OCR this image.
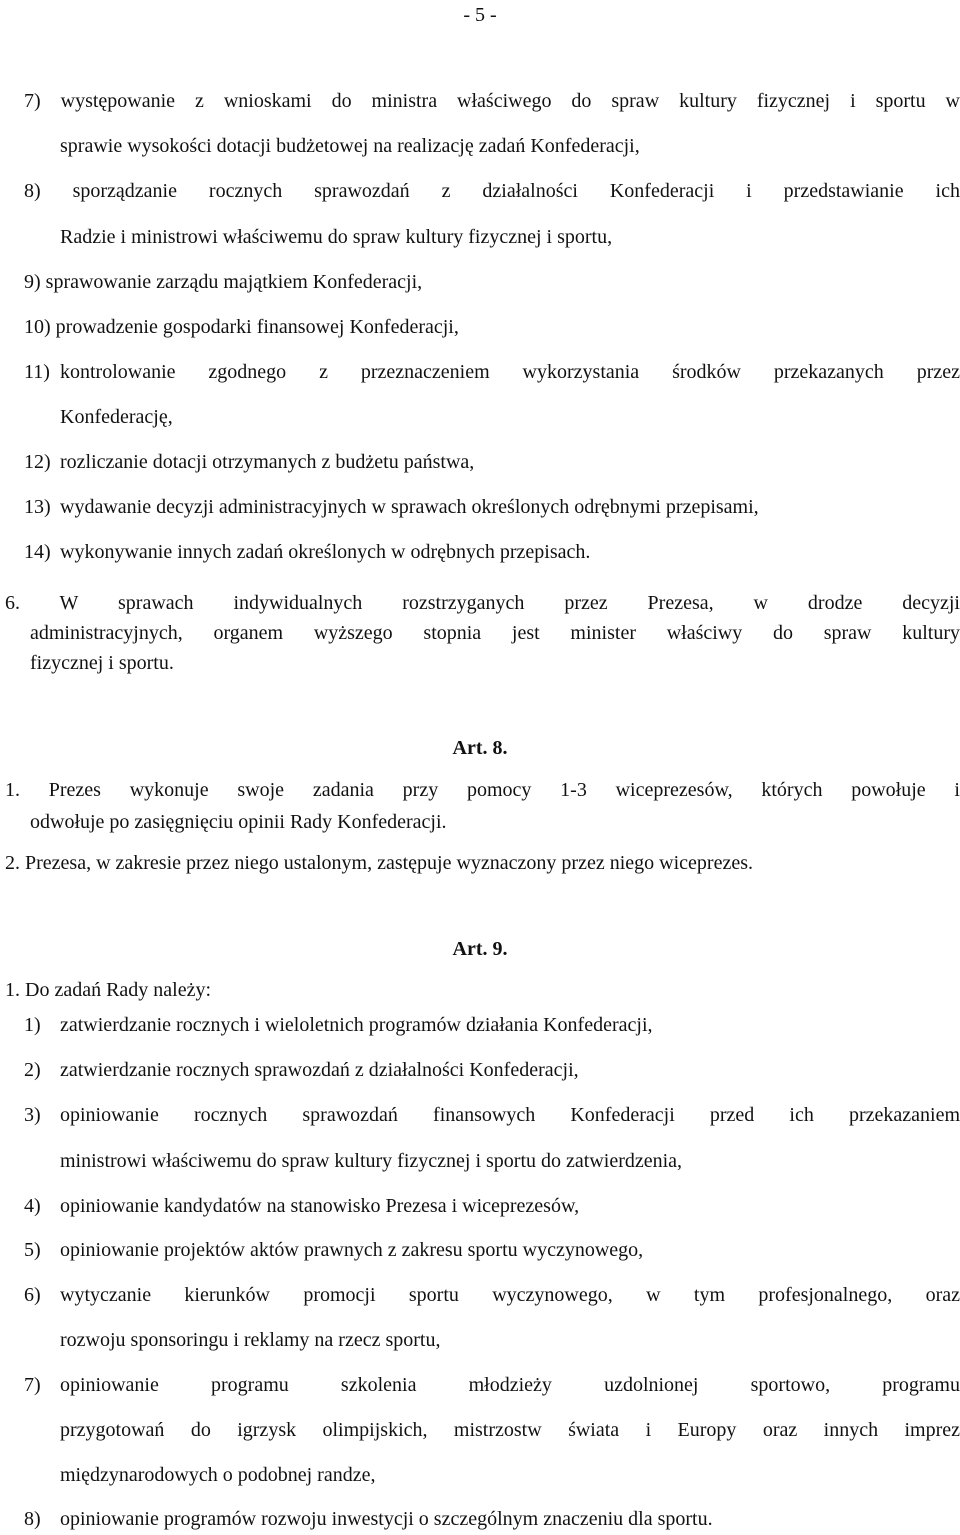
- 5 -
7) występowanie z wnioskami do ministra właściwego do spraw kultury fizycznej i sportu w
sprawie wysokości dotacji budżetowej na realizację zadań Konfederacji,
8) sporządzanie rocznych sprawozdań z działalności Konfederacji i przedstawianie ich
Radzie i ministrowi właściwemu do spraw kultury fizycznej i sportu,
9) sprawowanie zarządu majątkiem Konfederacji,
10) prowadzenie gospodarki finansowej Konfederacji,
11) kontrolowanie zgodnego z przeznaczeniem wykorzystania środków przekazanych przez
Konfederację,
12) rozliczanie dotacji otrzymanych z budżetu państwa,
13) wydawanie decyzji administracyjnych w sprawach określonych odrębnymi przepisami,
14) wykonywanie innych zadań określonych w odrębnych przepisach.
6. W sprawach indywidualnych rozstrzyganych przez Prezesa, w drodze decyzji
administracyjnych, organem wyższego stopnia jest minister właściwy do spraw kultury
fizycznej i sportu.
Art. 8.
1. Prezes wykonuje swoje zadania przy pomocy 1-3 wiceprezesów, których powołuje i
odwołuje po zasięgnięciu opinii Rady Konfederacji.
2. Prezesa, w zakresie przez niego ustalonym, zastępuje wyznaczony przez niego wiceprezes.
Art. 9.
1. Do zadań Rady należy:
1) zatwierdzanie rocznych i wieloletnich programów działania Konfederacji,
2) zatwierdzanie rocznych sprawozdań z działalności Konfederacji,
3) opiniowanie rocznych sprawozdań finansowych Konfederacji przed ich przekazaniem
ministrowi właściwemu do spraw kultury fizycznej i sportu do zatwierdzenia,
4) opiniowanie kandydatów na stanowisko Prezesa i wiceprezesów,
5) opiniowanie projektów aktów prawnych z zakresu sportu wyczynowego,
6) wytyczanie kierunków promocji sportu wyczynowego, w tym profesjonalnego, oraz
rozwoju sponsoringu i reklamy na rzecz sportu,
7) opiniowanie programu szkolenia młodzieży uzdolnionej sportowo, programu
przygotowań do igrzysk olimpijskich, mistrzostw świata i Europy oraz innych imprez
międzynarodowych o podobnej randze,
8) opiniowanie programów rozwoju inwestycji o szczególnym znaczeniu dla sportu.
